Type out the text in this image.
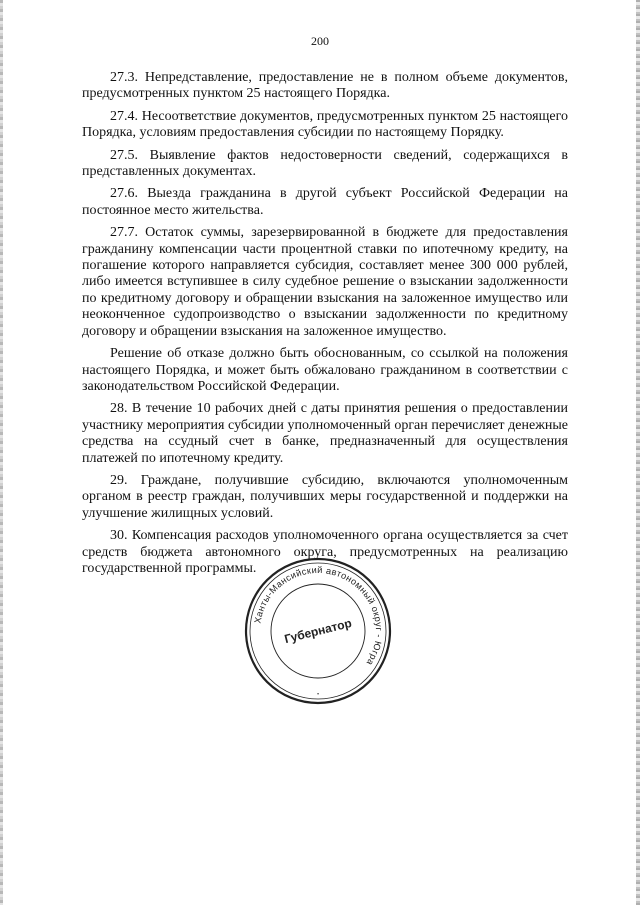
200

27.3. Непредставление, предоставление не в полном объеме документов, предусмотренных пунктом 25 настоящего Порядка.

27.4. Несоответствие документов, предусмотренных пунктом 25 настоящего Порядка, условиям предоставления субсидии по настоящему Порядку.

27.5. Выявление фактов недостоверности сведений, содержащихся в представленных документах.

27.6. Выезда гражданина в другой субъект Российской Федерации на постоянное место жительства.

27.7. Остаток суммы, зарезервированной в бюджете для предоставления гражданину компенсации части процентной ставки по ипотечному кредиту, на погашение которого направляется субсидия, составляет менее 300 000 рублей, либо имеется вступившее в силу судебное решение о взыскании задолженности по кредитному договору и обращении взыскания на заложенное имущество или неоконченное судопроизводство о взыскании задолженности по кредитному договору и обращении взыскания на заложенное имущество.

Решение об отказе должно быть обоснованным, со ссылкой на положения настоящего Порядка, и может быть обжаловано гражданином в соответствии с законодательством Российской Федерации.

28. В течение 10 рабочих дней с даты принятия решения о предоставлении участнику мероприятия субсидии уполномоченный орган перечисляет денежные средства на ссудный счет в банке, предназначенный для осуществления платежей по ипотечному кредиту.

29. Граждане, получившие субсидию, включаются уполномоченным органом в реестр граждан, получивших меры государственной и поддержки на улучшение жилищных условий.

30. Компенсация расходов уполномоченного органа осуществляется за счет средств бюджета автономного округа, предусмотренных на реализацию государственной программы.

Ханты-Мансийский автономный округ - Югра
Губернатор
•
